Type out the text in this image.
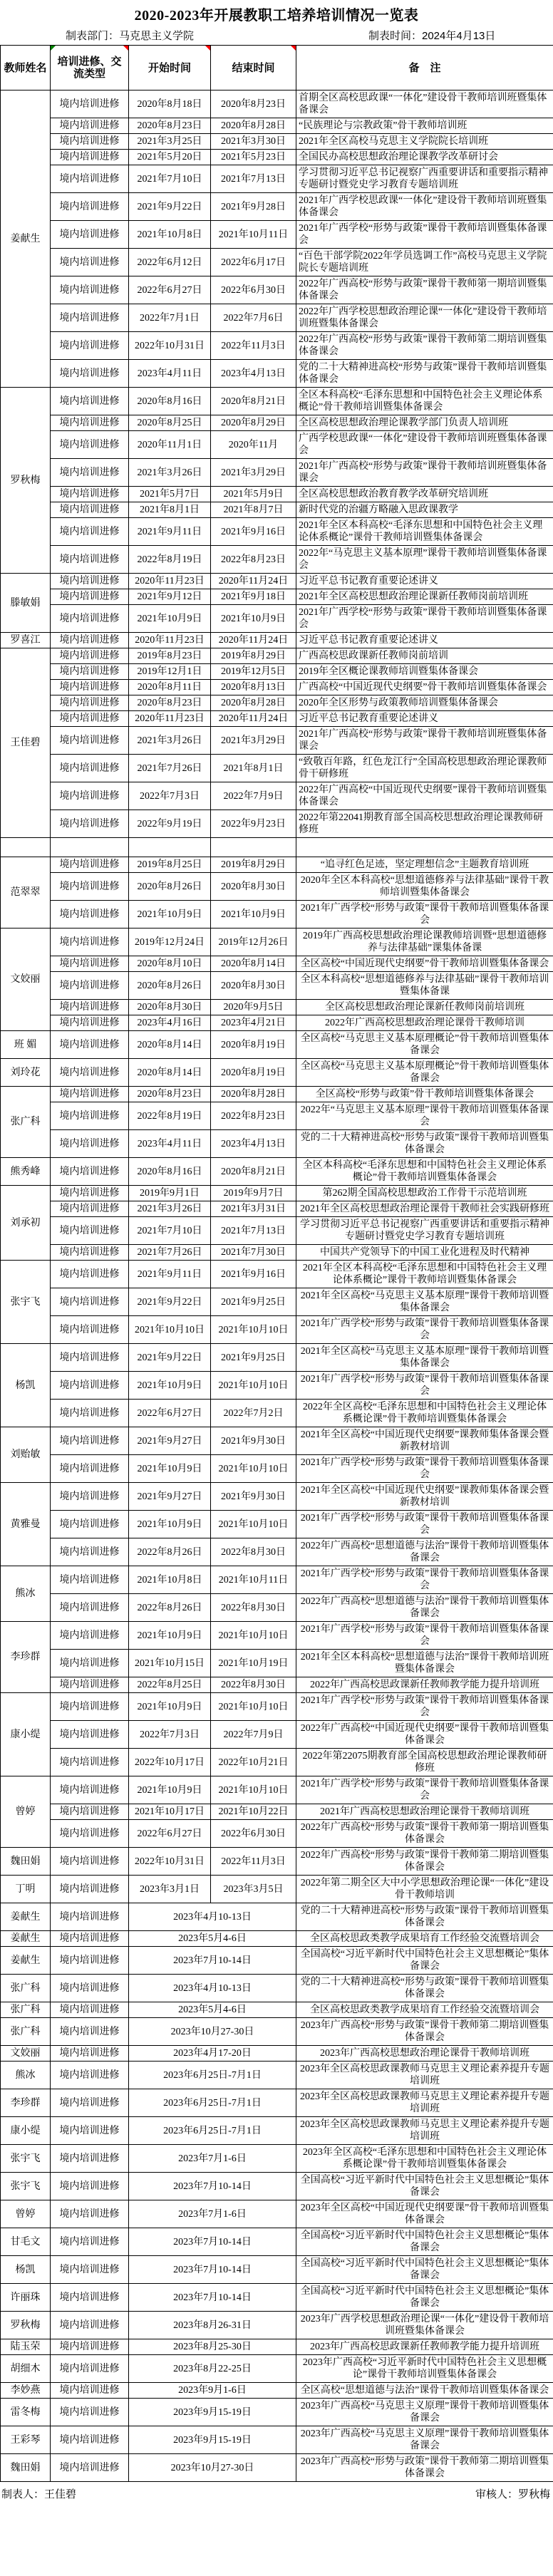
2020-2023年开展教职工培养培训情况一览表
制表部门：马克思主义学院	制表时间：2024年4月13日
教师姓名	培训进修、交流类型	开始时间	结束时间	备　注
姜献生	境内培训进修	2020年8月18日	2020年8月23日	首期全区高校思政课“一体化”建设骨干教师培训班暨集体备课会
	境内培训进修	2020年8月23日	2020年8月28日	“民族理论与宗教政策”骨干教师培训班
	境内培训进修	2021年3月25日	2021年3月30日	2021年全区高校马克思主义学院院长培训班
	境内培训进修	2021年5月20日	2021年5月23日	全国民办高校思想政治理论课教学改革研讨会
	境内培训进修	2021年7月10日	2021年7月13日	学习贯彻习近平总书记视察广西重要讲话和重要指示精神专题研讨暨党史学习教育专题培训班
	境内培训进修	2021年9月22日	2021年9月28日	2021年广西学校思政课“一体化”建设骨干教师培训班暨集体备课会
	境内培训进修	2021年10月8日	2021年10月11日	2021年广西学校“形势与政策”课骨干教师培训暨集体备课会
	境内培训进修	2022年6月12日	2022年6月17日	“百色干部学院2022年学员选调工作”高校马克思主义学院院长专题培训班
	境内培训进修	2022年6月27日	2022年6月30日	2022年广西高校“形势与政策”课骨干教师第一期培训暨集体备课会
	境内培训进修	2022年7月1日	2022年7月6日	2022年广西学校思想政治理论课“一体化”建设骨干教师培训班暨集体备课会
	境内培训进修	2022年10月31日	2022年11月3日	2022年广西高校“形势与政策”课骨干教师第二期培训暨集体备课会
	境内培训进修	2023年4月11日	2023年4月13日	党的二十大精神进高校“形势与政策”课骨干教师培训暨集体备课会
罗秋梅	境内培训进修	2020年8月16日	2020年8月21日	全区本科高校“毛泽东思想和中国特色社会主义理论体系概论”骨干教师培训暨集体备课会
	境内培训进修	2020年8月25日	2020年8月29日	全区高校思想政治理论课教学部门负责人培训班
	境内培训进修	2020年11月1日	2020年11月	广西学校思政课“一体化”建设骨干教师培训班暨集体备课会
	境内培训进修	2021年3月26日	2021年3月29日	2021年广西高校“形势与政策”课骨干教师培训班暨集体备课会
	境内培训进修	2021年5月7日	2021年5月9日	全区高校思想政治教育教学改革研究培训班
	境内培训进修	2021年8月1日	2021年8月7日	新时代党的治疆方略融入思政课教学
	境内培训进修	2021年9月11日	2021年9月16日	2021年全区本科高校“毛泽东思想和中国特色社会主义理论体系概论”课骨干教师培训暨集体备课会
	境内培训进修	2022年8月19日	2022年8月23日	2022年“马克思主义基本原理”课骨干教师培训暨集体备课会
滕敏娟	境内培训进修	2020年11月23日	2020年11月24日	习近平总书记教育重要论述讲义
	境内培训进修	2021年9月12日	2021年9月18日	2021年全区高校思想政治理论课新任教师岗前培训班
	境内培训进修	2021年10月9日	2021年10月9日	2021年广西学校“形势与政策”课骨干教师培训暨集体备课会
罗喜江	境内培训进修	2020年11月23日	2020年11月24日	习近平总书记教育重要论述讲义
王佳碧	境内培训进修	2019年8月23日	2019年8月29日	广西高校思政课新任教师岗前培训
	境内培训进修	2019年12月1日	2019年12月5日	2019年全区概论课教师培训暨集体备课会
	境内培训进修	2020年8月11日	2020年8月13日	广西高校“中国近现代史纲要”骨干教师培训暨集体备课会
	境内培训进修	2020年8月23日	2020年8月28日	2020年全区形势与政策教师培训暨集体备课会
	境内培训进修	2020年11月23日	2020年11月24日	习近平总书记教育重要论述讲义
	境内培训进修	2021年3月26日	2021年3月29日	2021年广西高校“形势与政策”课骨干教师培训班暨集体备课会
	境内培训进修	2021年7月26日	2021年8月1日	“致敬百年路，红色龙江行”全国高校思想政治理论课教师骨干研修班
	境内培训进修	2022年7月3日	2022年7月9日	2022年广西高校“中国近现代史纲要”课骨干教师培训暨集体备课会
	境内培训进修	2022年9月19日	2022年9月23日	2022年第22041期教育部全国高校思想政治理论课教师研修班

范翠翠	境内培训进修	2019年8月25日	2019年8月29日	“追寻红色足迹，坚定理想信念”主题教育培训班
	境内培训进修	2020年8月26日	2020年8月30日	2020年全区本科高校“思想道德修养与法律基础”课骨干教师培训暨集体备课会
	境内培训进修	2021年10月9日	2021年10月9日	2021年广西学校“形势与政策”课骨干教师培训暨集体备课会
文姣丽	境内培训进修	2019年12月24日	2019年12月26日	2019年广西高校思想政治理论课教师培训暨“思想道德修养与法律基础”课集体备课
	境内培训进修	2020年8月10日	2020年8月14日	全区高校“中国近现代史纲要”骨干教师培训暨集体备课会
	境内培训进修	2020年8月26日	2020年8月30日	全区本科高校“思想道德修养与法律基础”课骨干教师培训暨集体备课
	境内培训进修	2020年8月30日	2020年9月5日	全区高校思想政治理论课新任教师岗前培训班
	境内培训进修	2023年4月16日	2023年4月21日	2022年广西高校思想政治理论课骨干教师培训
班 媚	境内培训进修	2020年8月14日	2020年8月19日	全区高校“马克思主义基本原理概论”骨干教师培训暨集体备课会
刘玲花	境内培训进修	2020年8月14日	2020年8月19日	全区高校“马克思主义基本原理概论”骨干教师培训暨集体备课会
张广科	境内培训进修	2020年8月23日	2020年8月28日	全区高校“形势与政策”骨干教师培训暨集体备课会
	境内培训进修	2022年8月19日	2022年8月23日	2022年“马克思主义基本原理”课骨干教师培训暨集体备课会
	境内培训进修	2023年4月11日	2023年4月13日	党的二十大精神进高校“形势与政策”课骨干教师培训暨集体备课会
熊秀峰	境内培训进修	2020年8月16日	2020年8月21日	全区本科高校“毛泽东思想和中国特色社会主义理论体系概论”骨干教师培训暨集体备课会
刘承初	境内培训进修	2019年9月1日	2019年9月7日	第262期全国高校思想政治工作骨干示范培训班
	境内培训进修	2021年3月26日	2021年3月31日	2021年全区高校思想政治理论课骨干教师社会实践研修班
	境内培训进修	2021年7月10日	2021年7月13日	学习贯彻习近平总书记视察广西重要讲话和重要指示精神专题研讨暨党史学习教育专题培训班
	境内培训进修	2021年7月26日	2021年7月30日	中国共产党领导下的中国工业化进程及时代精神
张宇飞	境内培训进修	2021年9月11日	2021年9月16日	2021年全区本科高校“毛泽东思想和中国特色社会主义理论体系概论”课骨干教师培训暨集体备课会
	境内培训进修	2021年9月22日	2021年9月25日	2021年全区高校“马克思主义基本原理”课骨干教师培训暨集体备课会
	境内培训进修	2021年10月10日	2021年10月10日	2021年广西学校“形势与政策”课骨干教师培训暨集体备课会
杨凯	境内培训进修	2021年9月22日	2021年9月25日	2021年全区高校“马克思主义基本原理”课骨干教师培训暨集体备课会
	境内培训进修	2021年10月9日	2021年10月10日	2021年广西学校“形势与政策”课骨干教师培训暨集体备课会
	境内培训进修	2022年6月27日	2022年7月2日	2022年全区高校“毛泽东思想和中国特色社会主义理论体系概论课”骨干教师培训暨集体备课会
刘贻敏	境内培训进修	2021年9月27日	2021年9月30日	2021年全区高校“中国近现代史纲要”课教师集体备课会暨新教材培训
	境内培训进修	2021年10月9日	2021年10月10日	2021年广西学校“形势与政策”课骨干教师培训暨集体备课会
黄雅曼	境内培训进修	2021年9月27日	2021年9月30日	2021年全区高校“中国近现代史纲要”课教师集体备课会暨新教材培训
	境内培训进修	2021年10月9日	2021年10月10日	2021年广西学校“形势与政策”课骨干教师培训暨集体备课会
	境内培训进修	2022年8月26日	2022年8月30日	2022年广西高校“思想道德与法治”课骨干教师培训暨集体备课会
熊冰	境内培训进修	2021年10月8日	2021年10月11日	2021年广西学校“形势与政策”课骨干教师培训暨集体备课会
	境内培训进修	2022年8月26日	2022年8月30日	2022年广西高校“思想道德与法治”课骨干教师培训暨集体备课会
李珍群	境内培训进修	2021年10月9日	2021年10月10日	2021年广西学校“形势与政策”课骨干教师培训暨集体备课会
	境内培训进修	2021年10月15日	2021年10月19日	2021年全区本科高校“思想道德与法治”课骨干教师培训班暨集体备课会
	境内培训进修	2022年8月25日	2022年8月30日	2022年广西高校思政课新任教师教学能力提升培训班
康小缇	境内培训进修	2021年10月9日	2021年10月10日	2021年广西学校“形势与政策”课骨干教师培训暨集体备课会
	境内培训进修	2022年7月3日	2022年7月9日	2022年广西高校“中国近现代史纲要”课骨干教师培训暨集体备课会
	境内培训进修	2022年10月17日	2022年10月21日	2022年第22075期教育部全国高校思想政治理论课教师研修班
曾婷	境内培训进修	2021年10月9日	2021年10月10日	2021年广西学校“形势与政策”课骨干教师培训暨集体备课会
	境内培训进修	2021年10月17日	2021年10月22日	2021年广西高校思想政治理论课骨干教师培训班
	境内培训进修	2022年6月27日	2022年6月30日	2022年广西高校“形势与政策”课骨干教师第一期培训暨集体备课会
魏田娟	境内培训进修	2022年10月31日	2022年11月3日	2022年广西高校“形势与政策”课骨干教师第二期培训暨集体备课会
丁明	境内培训进修	2023年3月1日	2023年3月5日	2022年第二期全区大中小学思想政治理论课“一体化”建设骨干教师培训
姜献生	境内培训进修	2023年4月10-13日		党的二十大精神进高校“形势与政策”课骨干教师培训暨集体备课会
姜献生	境内培训进修	2023年5月4-6日		全区高校思政类教学成果培育工作经验交流暨培训会
姜献生	境内培训进修	2023年7月10-14日		全国高校“习近平新时代中国特色社会主义思想概论”集体备课会
张广科	境内培训进修	2023年4月10-13日		党的二十大精神进高校“形势与政策”课骨干教师培训暨集体备课会
张广科	境内培训进修	2023年5月4-6日		全区高校思政类教学成果培育工作经验交流暨培训会
张广科	境内培训进修	2023年10月27-30日		2023年广西高校“形势与政策”课骨干教师第二期培训暨集体备课会
文姣丽	境内培训进修	2023年4月17-20日		2023年广西高校思想政治理论课骨干教师培训班
熊冰	境内培训进修	2023年6月25日-7月1日		2023年全区高校思政课教师马克思主义理论素养提升专题培训班
李珍群	境内培训进修	2023年6月25日-7月1日		2023年全区高校思政课教师马克思主义理论素养提升专题培训班
康小缇	境内培训进修	2023年6月25日-7月1日		2023年全区高校思政课教师马克思主义理论素养提升专题培训班
张宇飞	境内培训进修	2023年7月1-6日		2023年全区高校“毛泽东思想和中国特色社会主义理论体系概论课”骨干教师培训暨集体备课会
张宇飞	境内培训进修	2023年7月10-14日		全国高校“习近平新时代中国特色社会主义思想概论”集体备课会
曾婷	境内培训进修	2023年7月1-6日		2023年全区高校“中国近现代史纲要课”骨干教师培训暨集体备课会
甘毛文	境内培训进修	2023年7月10-14日		全国高校“习近平新时代中国特色社会主义思想概论”集体备课会
杨凯	境内培训进修	2023年7月10-14日		全国高校“习近平新时代中国特色社会主义思想概论”集体备课会
许丽珠	境内培训进修	2023年7月10-14日		全国高校“习近平新时代中国特色社会主义思想概论”集体备课会
罗秋梅	境内培训进修	2023年8月26-31日		2023年广西学校思想政治理论课“一体化”建设骨干教师培训班暨集体备课会
陆玉荣	境内培训进修	2023年8月25-30日		2023年广西高校思政课新任教师教学能力提升培训班
胡细木	境内培训进修	2023年8月22-25日		2023年广西高校“习近平新时代中国特色社会主义思想概论”课骨干教师培训暨集体备课会
李妙燕	境内培训进修	2023年9月1-6日		全区高校“思想道德与法治”课骨干教师培训暨集体备课会
雷冬梅	境内培训进修	2023年9月15-19日		2023年广西高校“马克思主义原理”课骨干教师培训暨集体备课会
王彩琴	境内培训进修	2023年9月15-19日		2023年广西高校“马克思主义原理”课骨干教师培训暨集体备课会
魏田娟	境内培训进修	2023年10月27-30日		2023年广西高校“形势与政策”课骨干教师第二期培训暨集体备课会
制表人：王佳碧	审核人：罗秋梅
